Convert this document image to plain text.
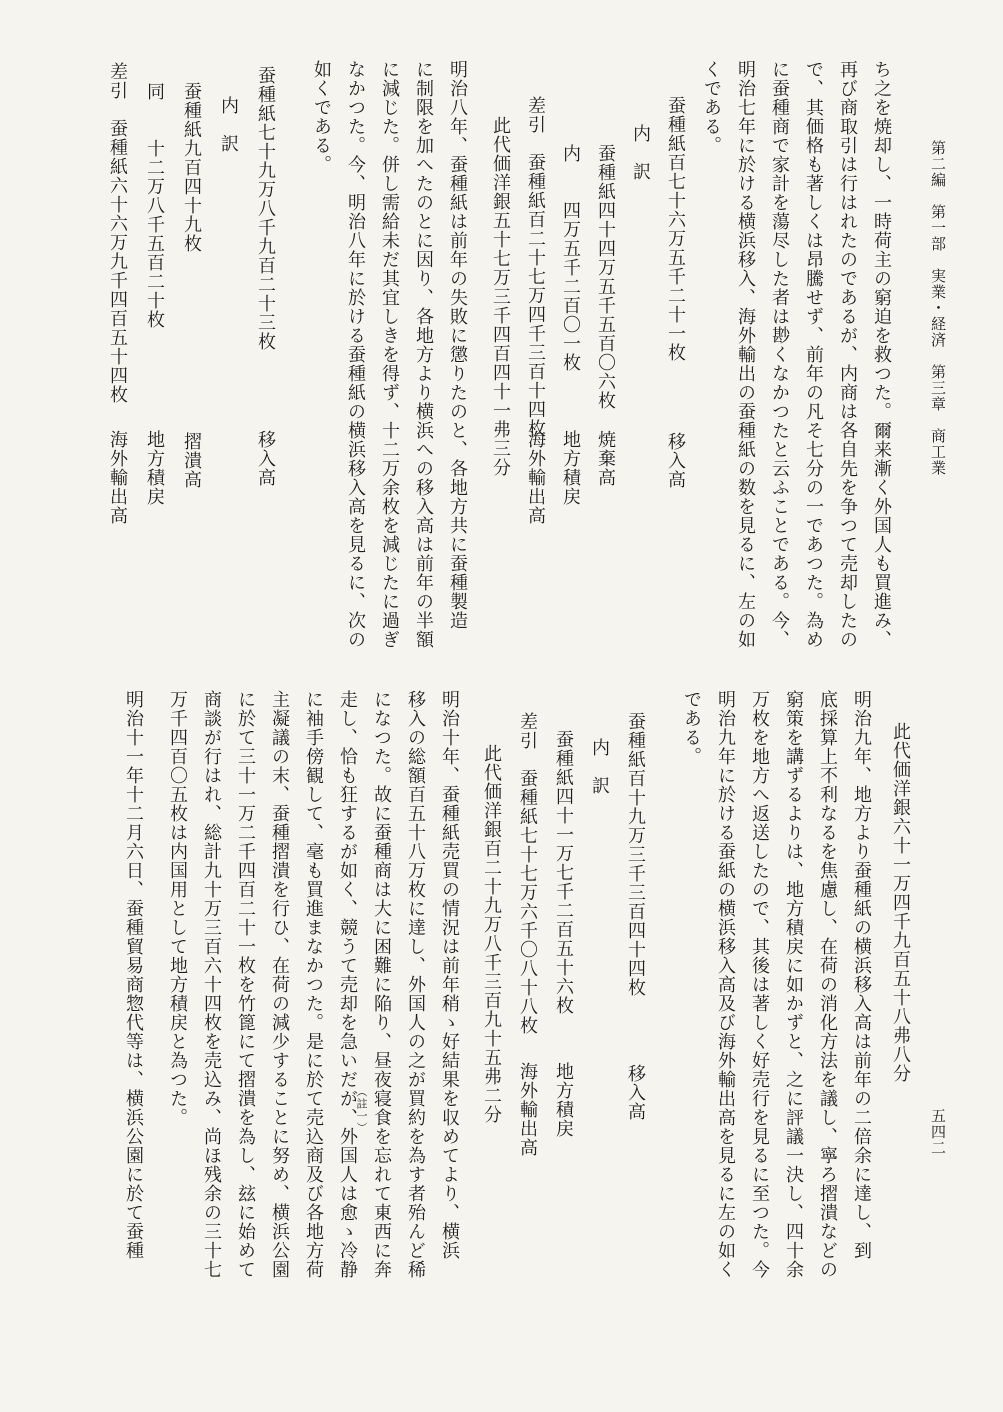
第二編　第一部　実業・経済　第三章　商工業
五四二
ち之を焼却し、一時荷主の窮迫を救つた。爾来漸く外国人も買進み、
再び商取引は行はれたのであるが、内商は各自先を争つて売却したの
で、其価格も著しくは昂騰せず、前年の凡そ七分の一であつた。為め
に蚕種商で家計を蕩尽した者は尠くなかつたと云ふことである。今、
明治七年に於ける横浜移入、海外輸出の蚕種紙の数を見るに、左の如
くである。
蚕種紙百七十六万五千二十一枚
移入高
内　訳
蚕種紙四十四万五千五百〇六枚
焼棄高
内　　四万五千二百〇一枚
地方積戻
差引　蚕種紙百二十七万四千三百十四枚
海外輸出高
此代価洋銀五十七万三千四百四十一弗三分
明治八年、蚕種紙は前年の失敗に懲りたのと、各地方共に蚕種製造
に制限を加へたのとに因り、各地方より横浜への移入高は前年の半額
に減じた。併し需給未だ其宜しきを得ず、十二万余枚を減じたに過ぎ
なかつた。今、明治八年に於ける蚕種紙の横浜移入高を見るに、次の
如くである。
蚕種紙七十九万八千九百二十三枚
移入高
内　訳
蚕種紙九百四十九枚
摺潰高
同　　十二万八千五百二十枚
地方積戻
差引　蚕種紙六十六万九千四百五十四枚
海外輸出高
此代価洋銀六十一万四千九百五十八弗八分
明治九年、地方より蚕種紙の横浜移入高は前年の二倍余に達し、到
底採算上不利なるを焦慮し、在荷の消化方法を議し、寧ろ摺潰などの
窮策を講ずるよりは、地方積戻に如かずと、之に評議一決し、四十余
万枚を地方へ返送したので、其後は著しく好売行を見るに至つた。今
明治九年に於ける蚕紙の横浜移入高及び海外輸出高を見るに左の如く
である。
蚕種紙百十九万三千三百四十四枚
移入高
内　訳
蚕種紙四十一万七千二百五十六枚
地方積戻
差引　蚕種紙七十七万六千〇八十八枚
海外輸出高
此代価洋銀百二十九万八千三百九十五弗二分
明治十年、蚕種紙売買の情況は前年稍ゝ好結果を収めてより、横浜
移入の総額百五十八万枚に達し、外国人の之が買約を為す者殆んど稀
になつた。故に蚕種商は大に困難に陥り、昼夜寝食を忘れて東西に奔
走し、恰も狂するが如く、競うて売却を急いだが、外国人は愈ゝ冷静
（註一）
に袖手傍観して、毫も買進まなかつた。是に於て売込商及び各地方荷
主凝議の末、蚕種摺潰を行ひ、在荷の減少することに努め、横浜公園
に於て三十一万二千四百二十一枚を竹篦にて摺潰を為し、玆に始めて
商談が行はれ、総計九十万三百六十四枚を売込み、尚ほ残余の三十七
万千四百〇五枚は内国用として地方積戻と為つた。
明治十一年十二月六日、蚕種貿易商惣代等は、横浜公園に於て蚕種
